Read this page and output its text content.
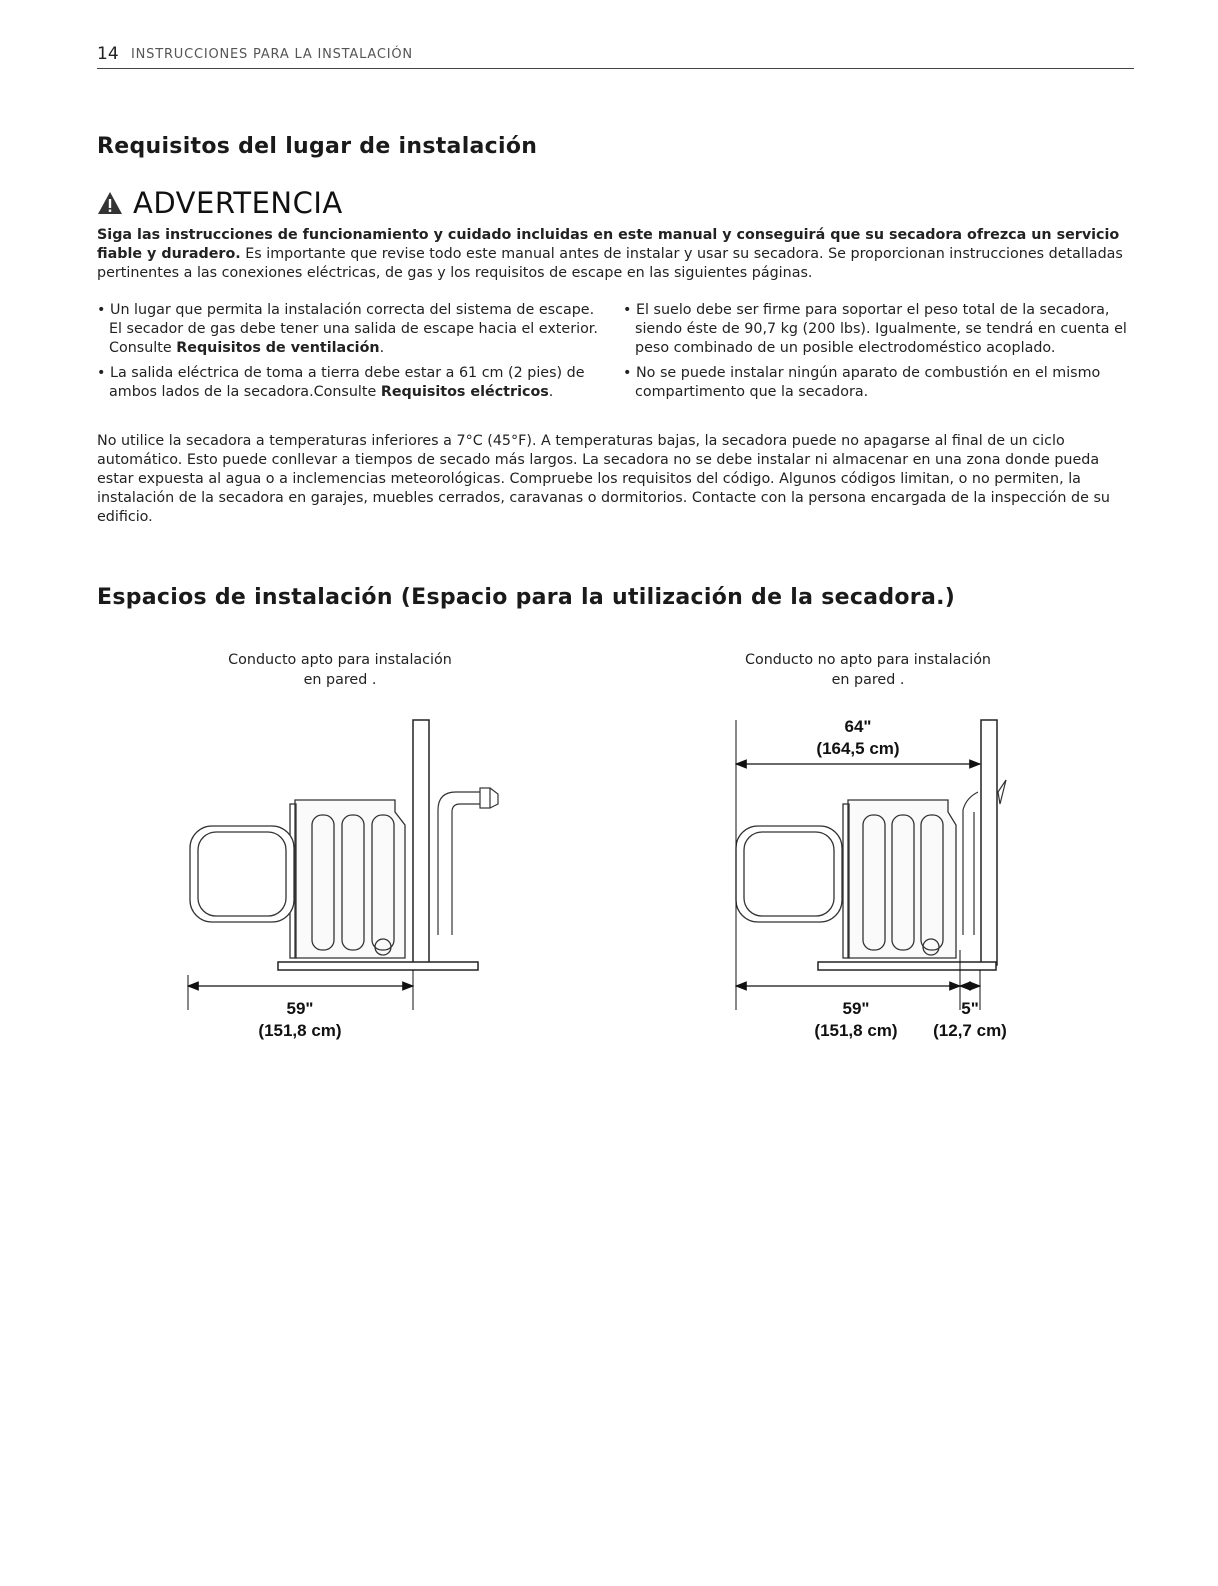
14 INSTRUCCIONES PARA LA INSTALACIÓN
Requisitos del lugar de instalación
ADVERTENCIA
Siga las instrucciones de funcionamiento y cuidado incluidas en este manual y conseguirá que su secadora ofrezca un servicio fiable y duradero. Es importante que revise todo este manual antes de instalar y usar su secadora. Se proporcionan instrucciones detalladas pertinentes a las conexiones eléctricas, de gas y los requisitos de escape en las siguientes páginas.
• Un lugar que permita la instalación correcta del sistema de escape. El secador de gas debe tener una salida de escape hacia el exterior. Consulte Requisitos de ventilación.
• La salida eléctrica de toma a tierra debe estar a 61 cm (2 pies) de ambos lados de la secadora.Consulte Requisitos eléctricos.
• El suelo debe ser firme para soportar el peso total de la secadora, siendo éste de 90,7 kg (200 lbs). Igualmente, se tendrá en cuenta el peso combinado de un posible electrodoméstico acoplado.
• No se puede instalar ningún aparato de combustión en el mismo compartimento que la secadora.
No utilice la secadora a temperaturas inferiores a 7°C (45°F). A temperaturas bajas, la secadora puede no apagarse al final de un ciclo automático. Esto puede conllevar a tiempos de secado más largos. La secadora no se debe instalar ni almacenar en una zona donde pueda estar expuesta al agua o a inclemencias meteorológicas. Compruebe los requisitos del código. Algunos códigos limitan, o no permiten, la instalación de la secadora en garajes, muebles cerrados, caravanas o dormitorios. Contacte con la persona encargada de la inspección de su edificio.
Espacios de instalación (Espacio para la utilización de la secadora.)
Conducto apto para instalación
en pared .
Conducto no apto para instalación
en pared .
59"
(151,8 cm)
64"
(164,5 cm)
59"
(151,8 cm)
5"
(12,7 cm)
